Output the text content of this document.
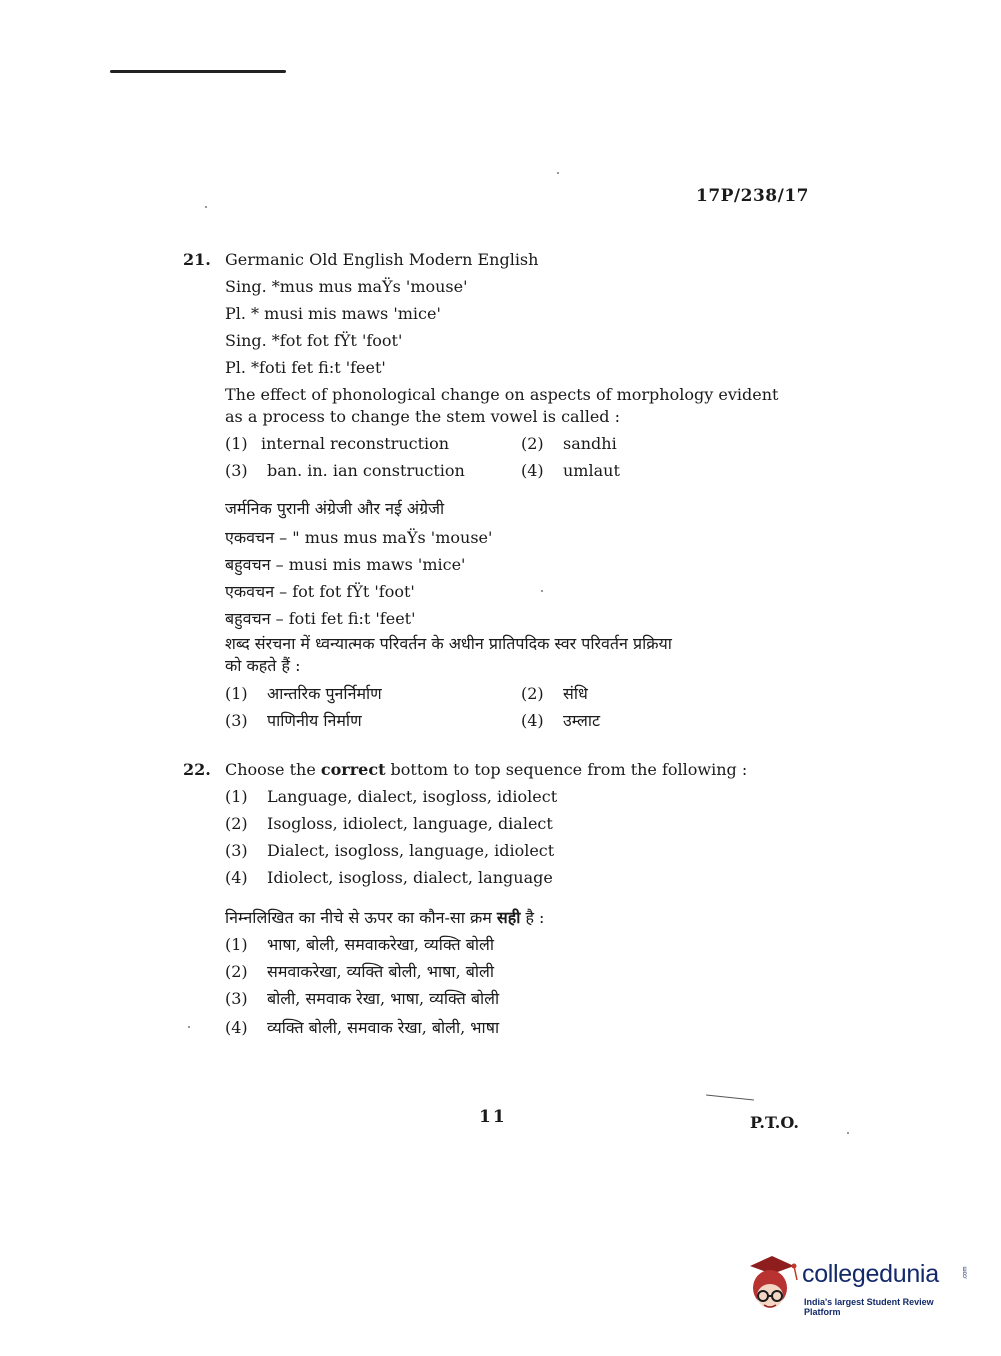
17P/238/17
21. Germanic Old English Modern English
Sing. *mus mus maŸs 'mouse'
Pl. * musi mis maws 'mice'
Sing. *fot fot fŸt 'foot'
Pl. *foti fet fi:t 'feet'
The effect of phonological change on aspects of morphology evident
as a process to change the stem vowel is called :
(1) internal reconstruction	(2) sandhi
(3) ban. in. ian construction	(4) umlaut
जर्मनिक पुरानी अंग्रेजी और नई अंग्रेजी
एकवचन – " mus mus maŸs 'mouse'
बहुवचन – musi mis maws 'mice'
एकवचन – fot fot fŸt 'foot'
बहुवचन – foti fet fi:t 'feet'
शब्द संरचना में ध्वन्यात्मक परिवर्तन के अधीन प्रातिपदिक स्वर परिवर्तन प्रक्रिया
को कहते हैं :
(1) आन्तरिक पुनर्निर्माण	(2) संधि
(3) पाणिनीय निर्माण	(4) उम्लाट
22. Choose the correct bottom to top sequence from the following :
(1) Language, dialect, isogloss, idiolect
(2) Isogloss, idiolect, language, dialect
(3) Dialect, isogloss, language, idiolect
(4) Idiolect, isogloss, dialect, language
निम्नलिखित का नीचे से ऊपर का कौन-सा क्रम सही है :
(1) भाषा, बोली, समवाकरेखा, व्यक्ति बोली
(2) समवाकरेखा, व्यक्ति बोली, भाषा, बोली
(3) बोली, समवाक रेखा, भाषा, व्यक्ति बोली
(4) व्यक्ति बोली, समवाक रेखा, बोली, भाषा
11	P.T.O.
collegedunia	.com
India's largest Student Review Platform
